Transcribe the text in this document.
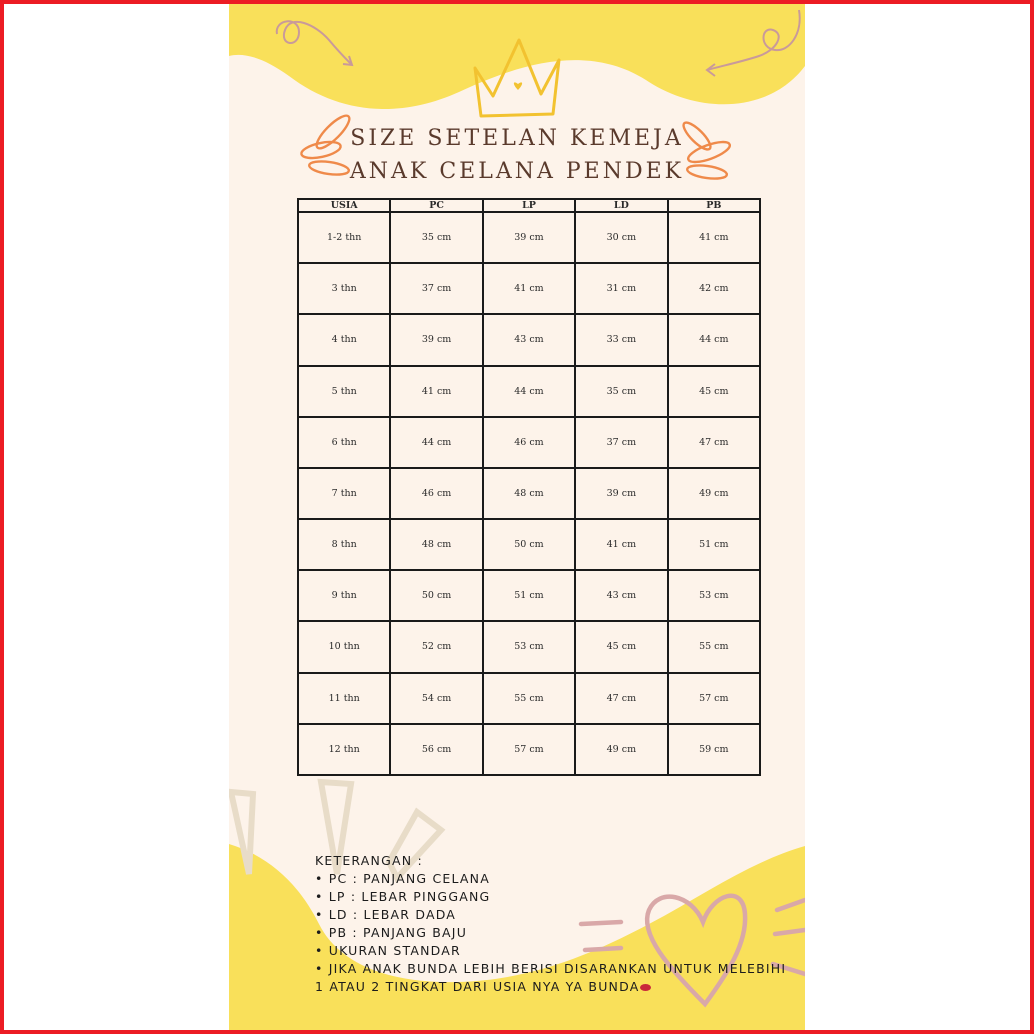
SIZE SETELAN KEMEJA
ANAK CELANA PENDEK
USIA	PC	LP	LD	PB
1-2 thn	35 cm	39 cm	30 cm	41 cm
3 thn	37 cm	41 cm	31 cm	42 cm
4 thn	39 cm	43 cm	33 cm	44 cm
5 thn	41 cm	44 cm	35 cm	45 cm
6 thn	44 cm	46 cm	37 cm	47 cm
7 thn	46 cm	48 cm	39 cm	49 cm
8 thn	48 cm	50 cm	41 cm	51 cm
9 thn	50 cm	51 cm	43 cm	53 cm
10 thn	52 cm	53 cm	45 cm	55 cm
11 thn	54 cm	55 cm	47 cm	57 cm
12 thn	56 cm	57 cm	49 cm	59 cm
KETERANGAN :
• PC : PANJANG CELANA
• LP : LEBAR PINGGANG
• LD : LEBAR DADA
• PB : PANJANG BAJU
• UKURAN STANDAR
• JIKA ANAK BUNDA LEBIH BERISI DISARANKAN UNTUK MELEBIHI
1 ATAU 2 TINGKAT DARI USIA NYA YA BUNDA
